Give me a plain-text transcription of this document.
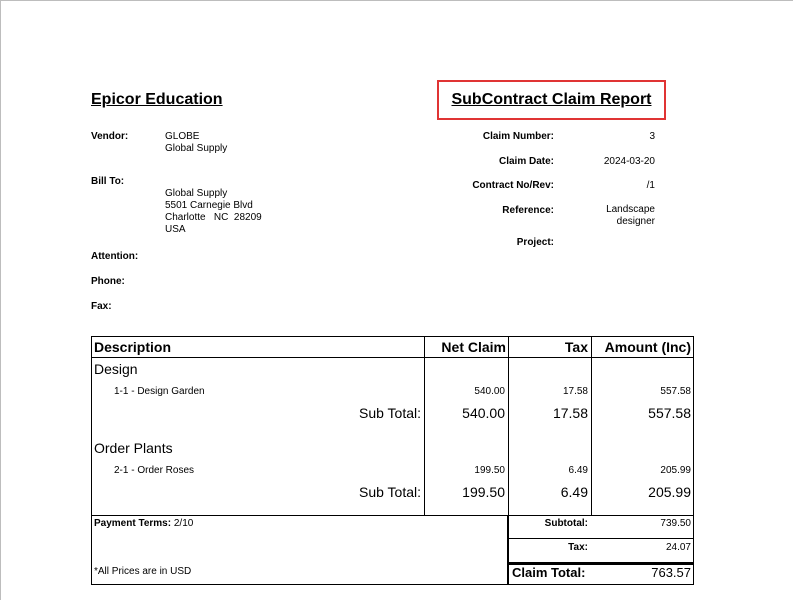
Epicor Education	SubContract Claim Report
Vendor:	GLOBE
Global Supply
Bill To:
Global Supply
5501 Carnegie Blvd
Charlotte   NC  28209
USA
Attention:
Phone:
Fax:
Claim Number:	3
Claim Date:	2024-03-20
Contract No/Rev:	/1
Reference:	Landscape
designer
Project:
Description	Net Claim	Tax	Amount (Inc)
Design
1-1 - Design Garden	540.00	17.58	557.58
Sub Total:	540.00	17.58	557.58
Order Plants
2-1 - Order Roses	199.50	6.49	205.99
Sub Total:	199.50	6.49	205.99
Payment Terms: 2/10
*All Prices are in USD
Subtotal:	739.50
Tax:	24.07
Claim Total:	763.57
